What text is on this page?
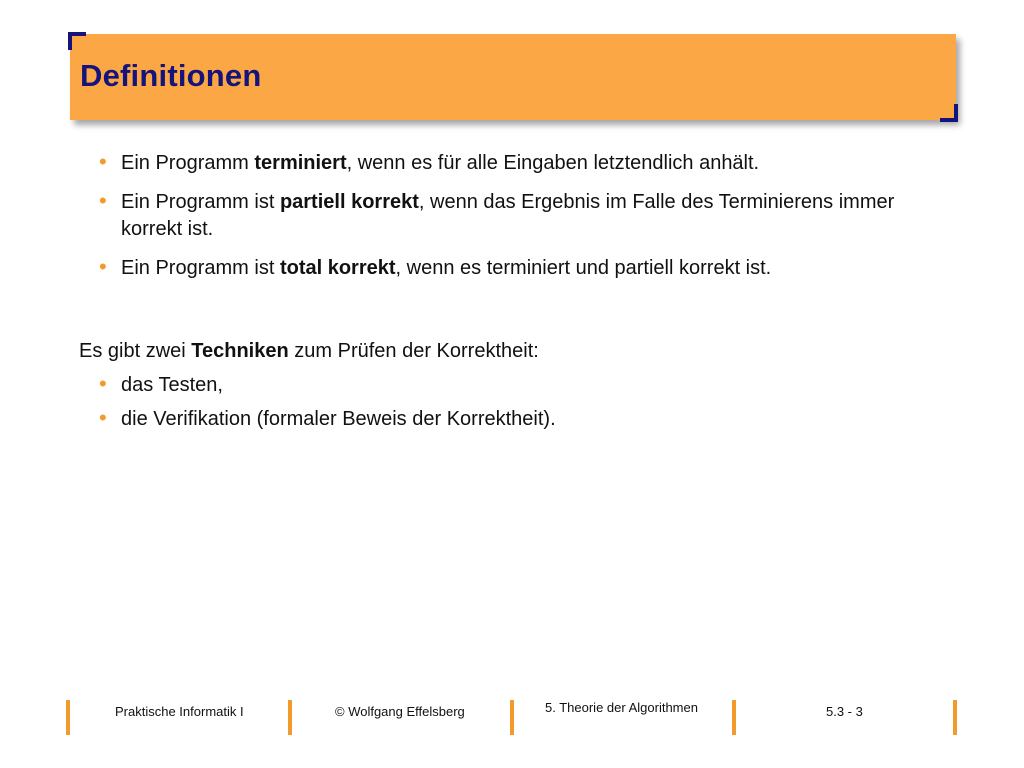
Definitionen
• Ein Programm terminiert, wenn es für alle Eingaben letztendlich anhält.
• Ein Programm ist partiell korrekt, wenn das Ergebnis im Falle des Terminierens immer korrekt ist.
• Ein Programm ist total korrekt, wenn es terminiert und partiell korrekt ist.
Es gibt zwei Techniken zum Prüfen der Korrektheit:
• das Testen,
• die Verifikation (formaler Beweis der Korrektheit).
Praktische Informatik I	© Wolfgang Effelsberg	5. Theorie der Algorithmen	5.3 - 3
